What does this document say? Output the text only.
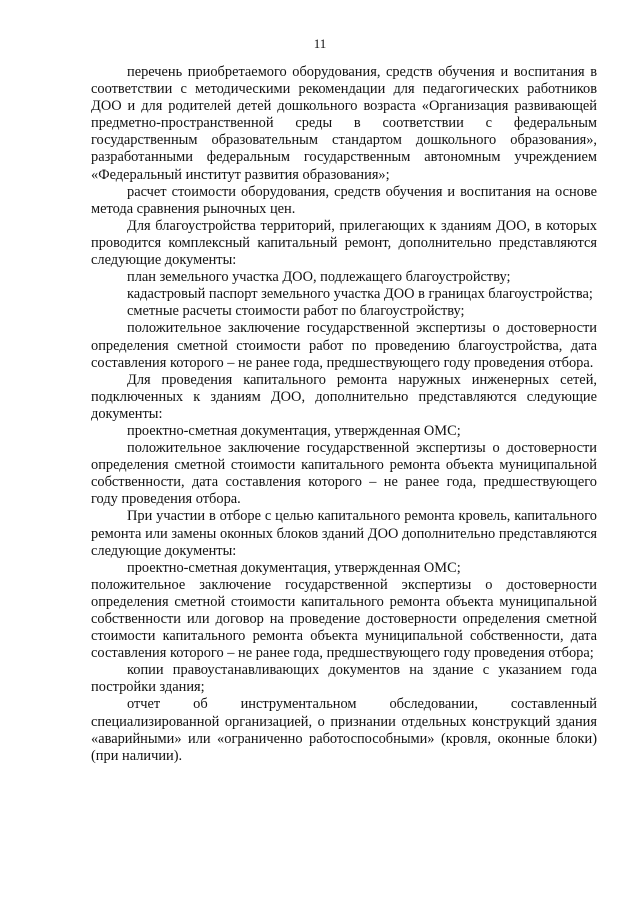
11

перечень приобретаемого оборудования, средств обучения и воспитания в соответствии с методическими рекомендации для педагогических работников ДОО и для родителей детей дошкольного возраста «Организация развивающей предметно-пространственной среды в соответствии с федеральным государственным образовательным стандартом дошкольного образования», разработанными федеральным государственным автономным учреждением «Федеральный институт развития образования»;

расчет стоимости оборудования, средств обучения и воспитания на основе метода сравнения рыночных цен.

Для благоустройства территорий, прилегающих к зданиям ДОО, в которых проводится комплексный капитальный ремонт, дополнительно представляются следующие документы:

план земельного участка ДОО, подлежащего благоустройству;

кадастровый паспорт земельного участка ДОО в границах благоустройства;

сметные расчеты стоимости работ по благоустройству;

положительное заключение государственной экспертизы о достоверности определения сметной стоимости работ по проведению благоустройства, дата составления которого – не ранее года, предшествующего году проведения отбора.

Для проведения капитального ремонта наружных инженерных сетей, подключенных к зданиям ДОО, дополнительно представляются следующие документы:

проектно-сметная документация, утвержденная ОМС;

положительное заключение государственной экспертизы о достоверности определения сметной стоимости капитального ремонта объекта муниципальной собственности, дата составления которого – не ранее года, предшествующего году проведения отбора.

При участии в отборе с целью капитального ремонта кровель, капитального ремонта или замены оконных блоков зданий ДОО дополнительно представляются следующие документы:

проектно-сметная документация, утвержденная ОМС;

положительное заключение государственной экспертизы о достоверности определения сметной стоимости капитального ремонта объекта муниципальной собственности или договор на проведение достоверности определения сметной стоимости капитального ремонта объекта муниципальной собственности, дата составления которого – не ранее года, предшествующего году проведения отбора;

копии правоустанавливающих документов на здание с указанием года постройки здания;

отчет об инструментальном обследовании, составленный специализированной организацией, о признании отдельных конструкций здания «аварийными» или «ограниченно работоспособными» (кровля, оконные блоки) (при наличии).
